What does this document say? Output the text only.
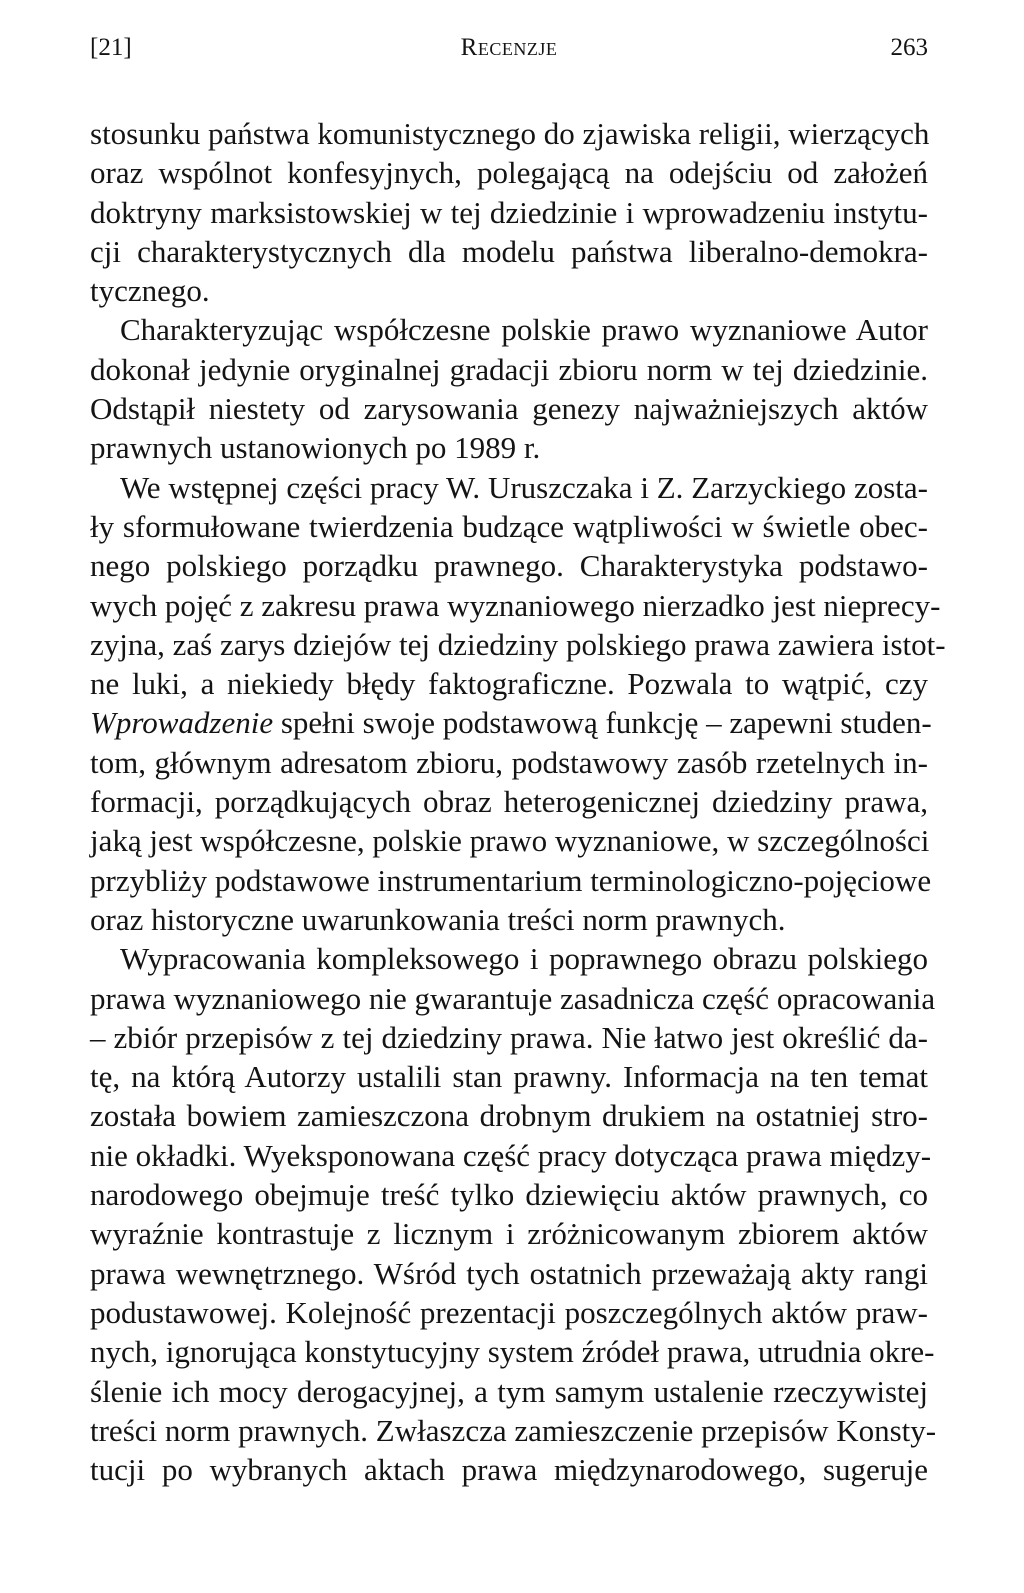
[21]	Recenzje	263
stosunku państwa komunistycznego do zjawiska religii, wierzących
oraz wspólnot konfesyjnych, polegającą na odejściu od założeń
doktryny marksistowskiej w tej dziedzinie i wprowadzeniu instytu-
cji charakterystycznych dla modelu państwa liberalno-demokra-
tycznego.
Charakteryzując współczesne polskie prawo wyznaniowe Autor
dokonał jedynie oryginalnej gradacji zbioru norm w tej dziedzinie.
Odstąpił niestety od zarysowania genezy najważniejszych aktów
prawnych ustanowionych po 1989 r.
We wstępnej części pracy W. Uruszczaka i Z. Zarzyckiego zosta-
ły sformułowane twierdzenia budzące wątpliwości w świetle obec-
nego polskiego porządku prawnego. Charakterystyka podstawo-
wych pojęć z zakresu prawa wyznaniowego nierzadko jest nieprecy-
zyjna, zaś zarys dziejów tej dziedziny polskiego prawa zawiera istot-
ne luki, a niekiedy błędy faktograficzne. Pozwala to wątpić, czy
Wprowadzenie spełni swoje podstawową funkcję – zapewni studen-
tom, głównym adresatom zbioru, podstawowy zasób rzetelnych in-
formacji, porządkujących obraz heterogenicznej dziedziny prawa,
jaką jest współczesne, polskie prawo wyznaniowe, w szczególności
przybliży podstawowe instrumentarium terminologiczno-pojęciowe
oraz historyczne uwarunkowania treści norm prawnych.
Wypracowania kompleksowego i poprawnego obrazu polskiego
prawa wyznaniowego nie gwarantuje zasadnicza część opracowania
– zbiór przepisów z tej dziedziny prawa. Nie łatwo jest określić da-
tę, na którą Autorzy ustalili stan prawny. Informacja na ten temat
została bowiem zamieszczona drobnym drukiem na ostatniej stro-
nie okładki. Wyeksponowana część pracy dotycząca prawa między-
narodowego obejmuje treść tylko dziewięciu aktów prawnych, co
wyraźnie kontrastuje z licznym i zróżnicowanym zbiorem aktów
prawa wewnętrznego. Wśród tych ostatnich przeważają akty rangi
podustawowej. Kolejność prezentacji poszczególnych aktów praw-
nych, ignorująca konstytucyjny system źródeł prawa, utrudnia okre-
ślenie ich mocy derogacyjnej, a tym samym ustalenie rzeczywistej
treści norm prawnych. Zwłaszcza zamieszczenie przepisów Konsty-
tucji po wybranych aktach prawa międzynarodowego, sugeruje
